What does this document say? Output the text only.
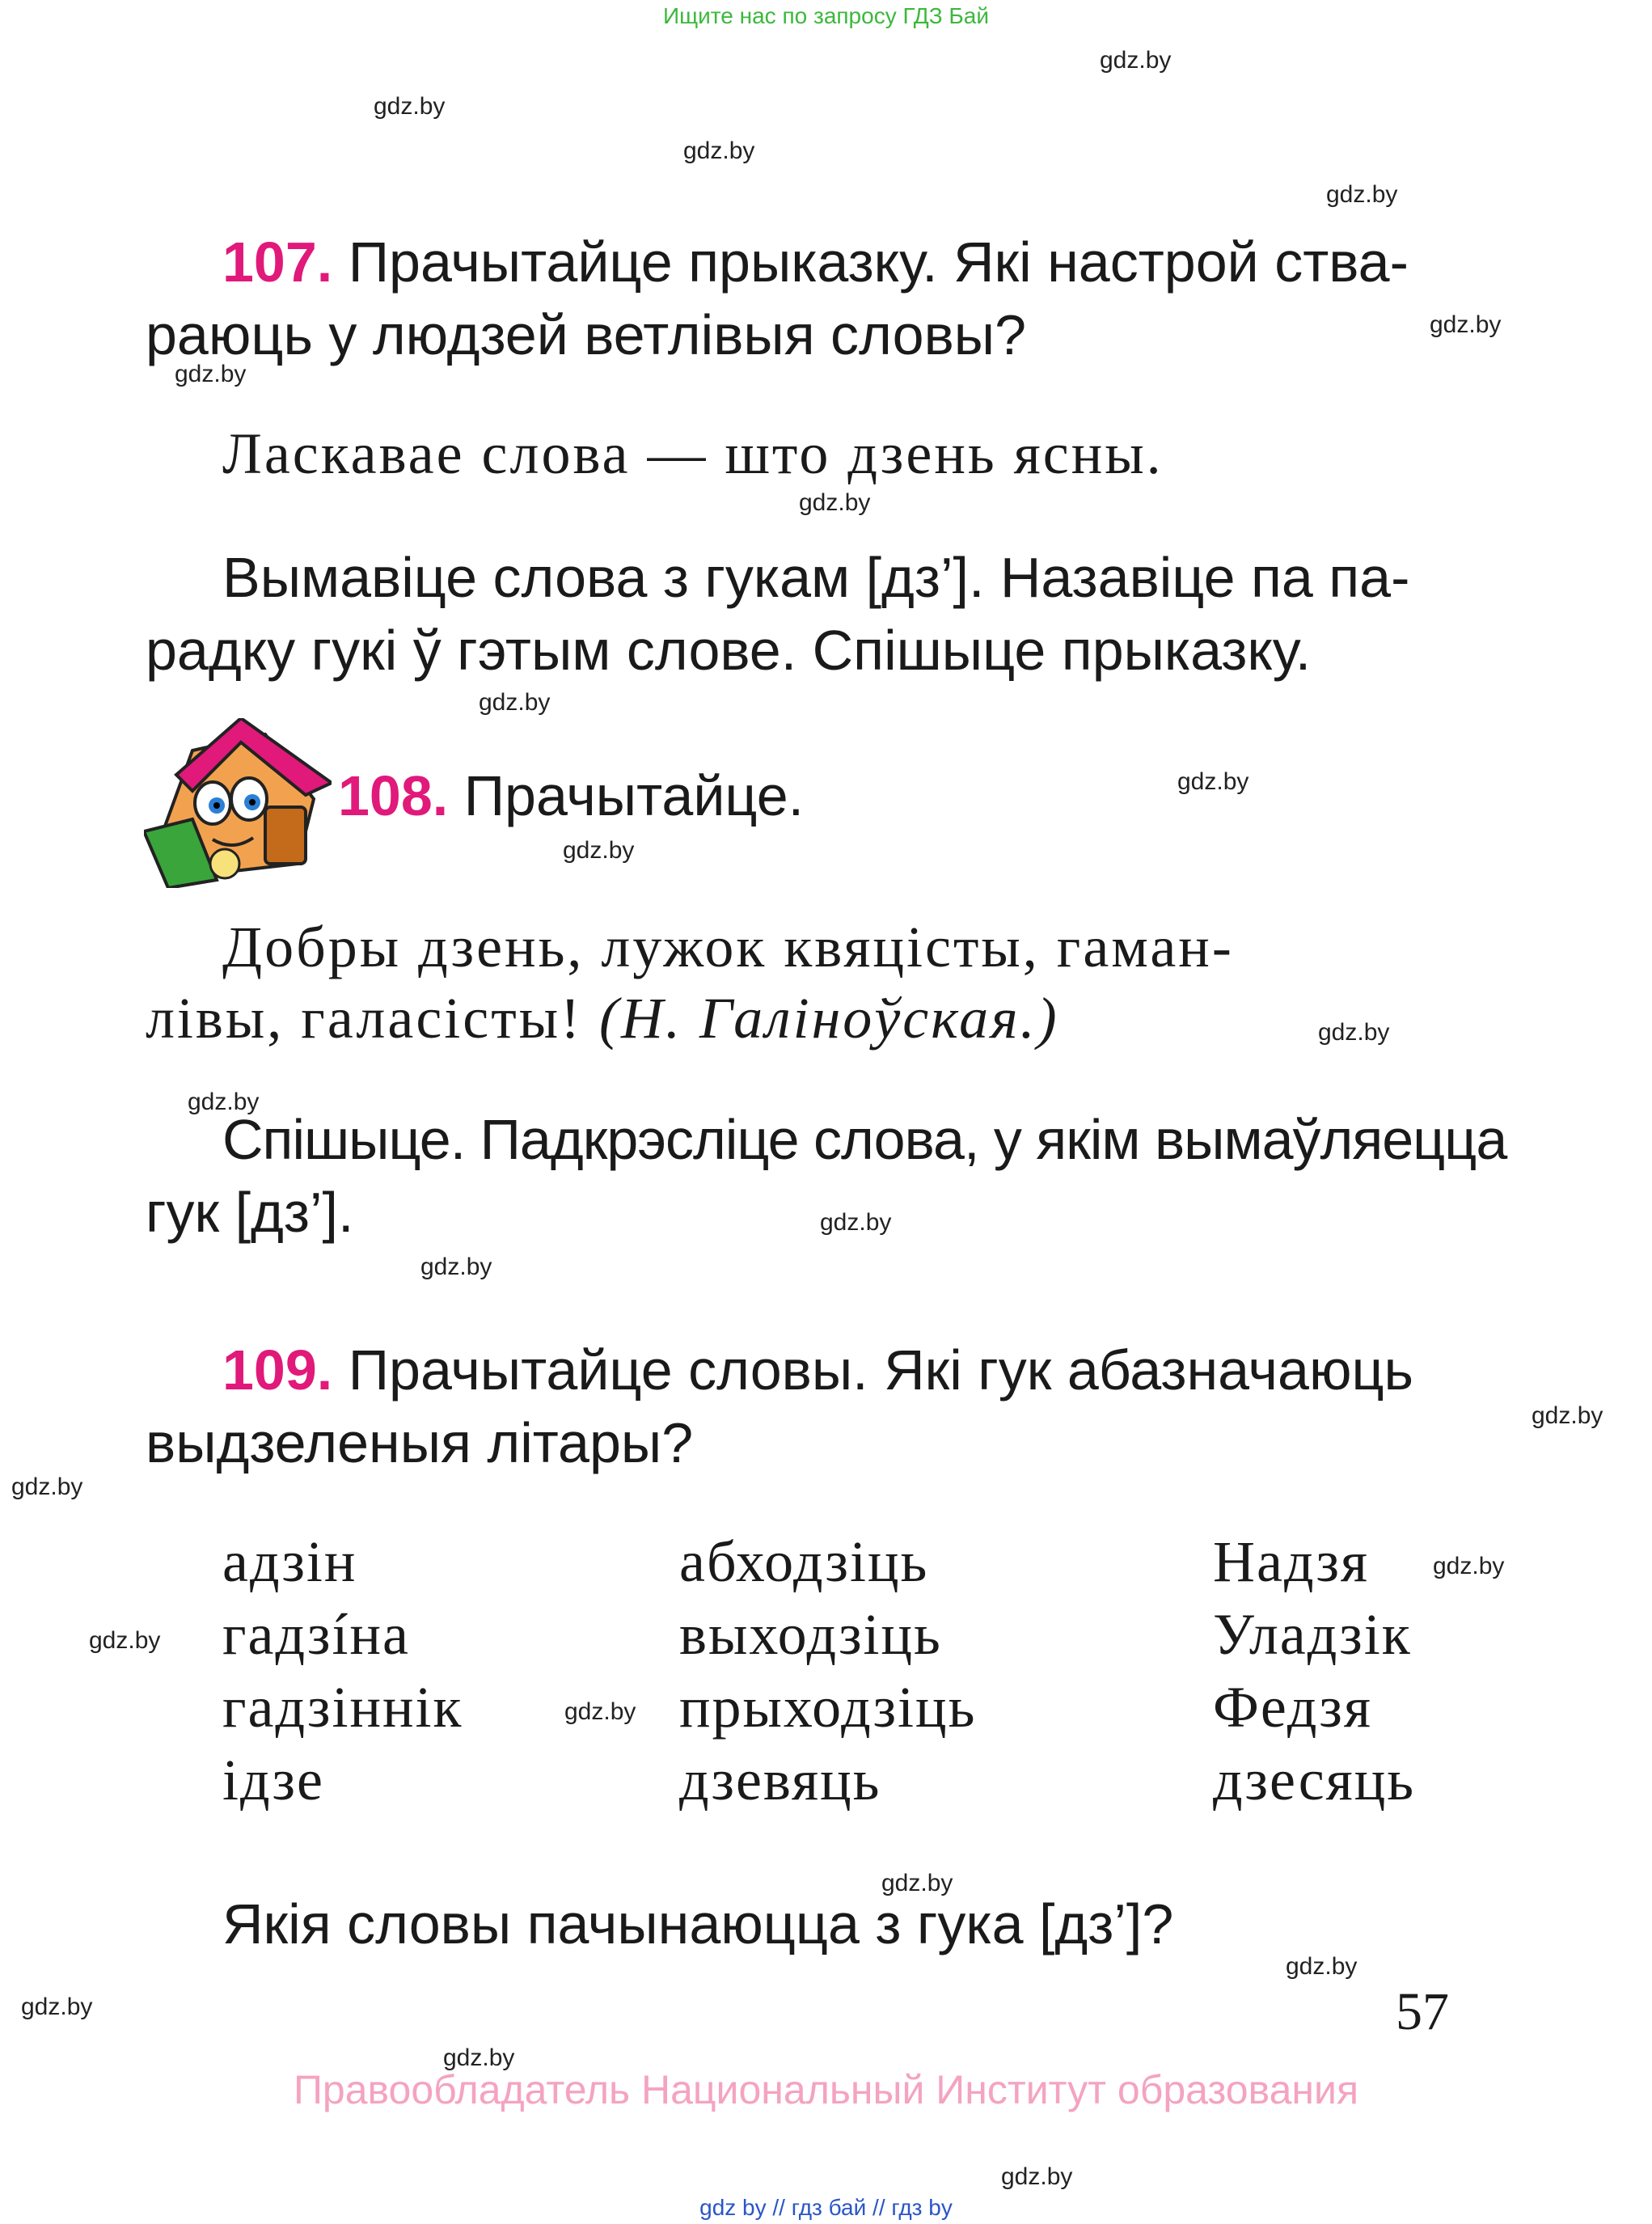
Ищите нас по запросу ГДЗ Бай
gdz.by
gdz.by
gdz.by
gdz.by
gdz.by
gdz.by
gdz.by
gdz.by
gdz.by
gdz.by
gdz.by
gdz.by
gdz.by
gdz.by
gdz.by
gdz.by
gdz.by
gdz.by
gdz.by
gdz.by
gdz.by
gdz.by
gdz.by
gdz.by
107. Прачытайце прыказку. Які настрой ства-
раюць у людзей ветлівыя словы?
Ласкавае слова — што дзень ясны.
Вымавіце слова з гукам [дз’]. Назавіце па па-
радку гукі ў гэтым слове. Спішыце прыказку.
108. Прачытайце.
Добры дзень, лужок квяцісты, гаман-
лівы, галасісты! (Н. Галіноўская.)
Спішыце. Падкрэсліце слова, у якім вымаўляецца
гук [дз’].
109. Прачытайце словы. Які гук абазначаюць
выдзеленыя літары?
адзін
гадзíна
гадзіннік
ідзе
абходзіць
выходзіць
прыходзіць
дзевяць
Надзя
Уладзік
Федзя
дзесяць
Якія словы пачынаюцца з гука [дз’]?
57
Правообладатель Национальный Институт образования
gdz by // гдз бай // гдз by
